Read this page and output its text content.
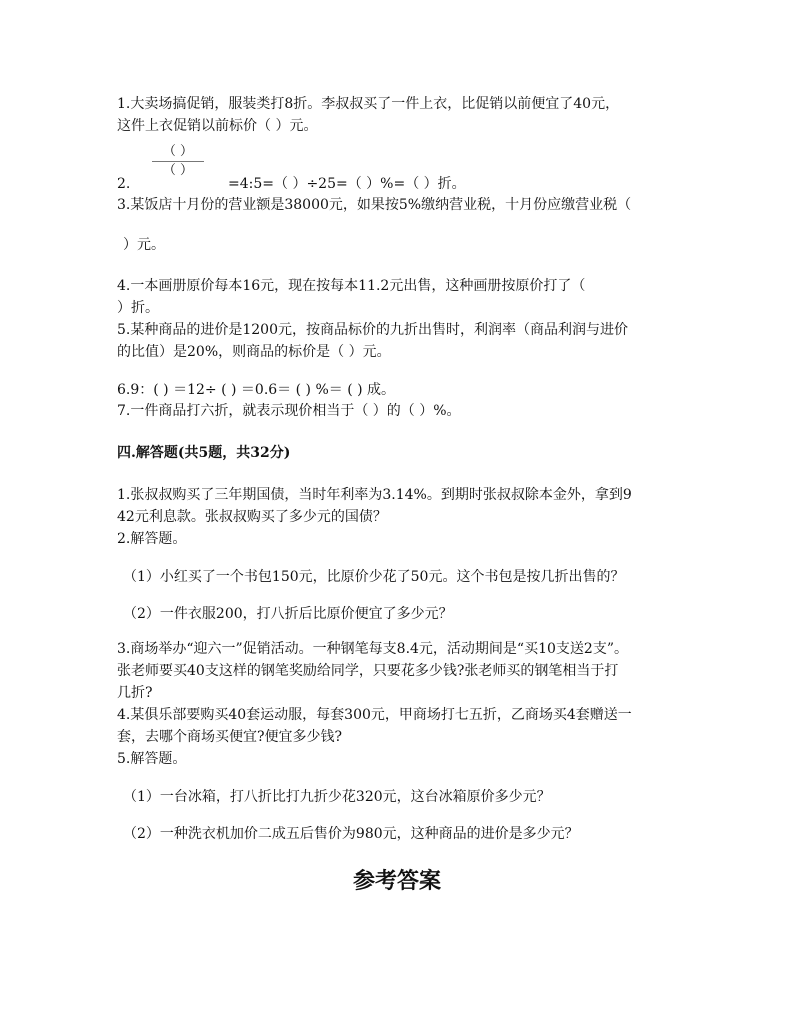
1.大卖场搞促销，服装类打8折。李叔叔买了一件上衣，比促销以前便宜了40元，
这件上衣促销以前标价（ ）元。
（ ）
（ ）
2.	=4:5=（ ）÷25=（ ）%=（ ）折。
3.某饭店十月份的营业额是38000元，如果按5%缴纳营业税，十月份应缴营业税（
）元。
4.一本画册原价每本16元，现在按每本11.2元出售，这种画册按原价打了（
）折。
5.某种商品的进价是1200元，按商品标价的九折出售时，利润率（商品利润与进价
的比值）是20%，则商品的标价是（ ）元。
6.9：( ) ＝12÷ ( ) ＝0.6＝ ( ) %＝ ( ) 成。
7.一件商品打六折，就表示现价相当于（ ）的（ ）%。
四.解答题(共5题，共32分)
1.张叔叔购买了三年期国债，当时年利率为3.14%。到期时张叔叔除本金外，拿到9
42元利息款。张叔叔购买了多少元的国债？
2.解答题。
（1）小红买了一个书包150元，比原价少花了50元。这个书包是按几折出售的？
（2）一件衣服200，打八折后比原价便宜了多少元？
3.商场举办“迎六一”促销活动。一种钢笔每支8.4元，活动期间是“买10支送2支”。
张老师要买40支这样的钢笔奖励给同学，只要花多少钱?张老师买的钢笔相当于打
几折?
4.某俱乐部要购买40套运动服，每套300元，甲商场打七五折，乙商场买4套赠送一
套，去哪个商场买便宜?便宜多少钱?
5.解答题。
（1）一台冰箱，打八折比打九折少花320元，这台冰箱原价多少元？
（2）一种洗衣机加价二成五后售价为980元，这种商品的进价是多少元？
参考答案
